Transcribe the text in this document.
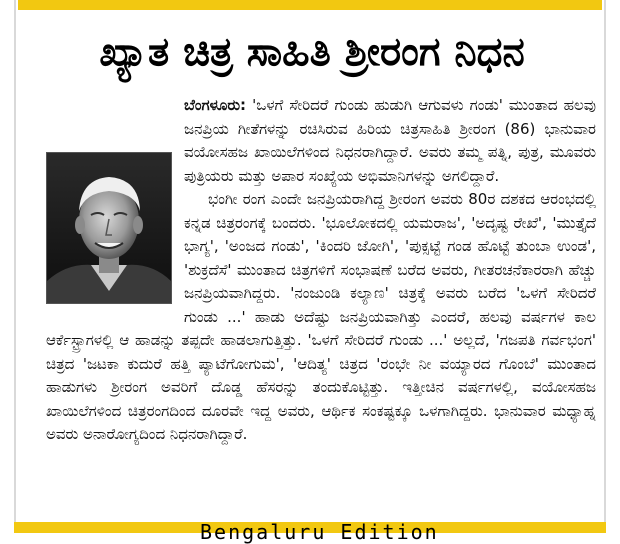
ಖ್ಯಾತ ಚಿತ್ರ ಸಾಹಿತಿ ಶ್ರೀರಂಗ ನಿಧನ

ಬೆಂಗಳೂರು: 'ಒಳಗೆ ಸೇರಿದರೆ ಗುಂಡು ಹುಡುಗಿ ಆಗುವಳು ಗಂಡು' ಮುಂತಾದ ಹಲವು ಜನಪ್ರಿಯ ಗೀತೆಗಳನ್ನು ರಚಿಸಿರುವ ಹಿರಿಯ ಚಿತ್ರಸಾಹಿತಿ ಶ್ರೀರಂಗ (86) ಭಾನುವಾರ ವಯೋಸಹಜ ಖಾಯಿಲೆಗಳಿಂದ ನಿಧನರಾಗಿದ್ದಾರೆ. ಅವರು ತಮ್ಮ ಪತ್ನಿ, ಪುತ್ರ, ಮೂವರು ಪುತ್ರಿಯರು ಮತ್ತು ಅಪಾರ ಸಂಖ್ಯೆಯ ಅಭಿಮಾನಿಗಳನ್ನು ಅಗಲಿದ್ದಾರೆ.

ಭಂಗೀ ರಂಗ ಎಂದೇ ಜನಪ್ರಿಯರಾಗಿದ್ದ ಶ್ರೀರಂಗ ಅವರು 80ರ ದಶಕದ ಆರಂಭದಲ್ಲಿ ಕನ್ನಡ ಚಿತ್ರರಂಗಕ್ಕೆ ಬಂದರು. 'ಭೂಲೋಕದಲ್ಲಿ ಯಮರಾಜ', 'ಅದೃಷ್ಟ ರೇಖೆ', 'ಮುತ್ತೈದೆ ಭಾಗ್ಯ', 'ಅಂಜದ ಗಂಡು', 'ಕಿಂದರಿ ಜೋಗಿ', 'ಪುಕ್ಸಟ್ಟೆ ಗಂಡ ಹೊಟ್ಟೆ ತುಂಬಾ ಉಂಡ', 'ಶುಕ್ರದೆಸೆ' ಮುಂತಾದ ಚಿತ್ರಗಳಿಗೆ ಸಂಭಾಷಣೆ ಬರೆದ ಅವರು, ಗೀತರಚನೆಕಾರರಾಗಿ ಹೆಚ್ಚು ಜನಪ್ರಿಯವಾಗಿದ್ದರು. 'ನಂಜುಂಡಿ ಕಲ್ಯಾಣ' ಚಿತ್ರಕ್ಕೆ ಅವರು ಬರೆದ 'ಒಳಗೆ ಸೇರಿದರೆ ಗುಂಡು ...' ಹಾಡು ಅದೆಷ್ಟು ಜನಪ್ರಿಯವಾಗಿತ್ತು ಎಂದರೆ, ಹಲವು ವರ್ಷಗಳ ಕಾಲ ಆರ್ಕೆಸ್ಟ್ರಾಗಳಲ್ಲಿ ಆ ಹಾಡನ್ನು ತಪ್ಪದೇ ಹಾಡಲಾಗುತ್ತಿತ್ತು. 'ಒಳಗೆ ಸೇರಿದರೆ ಗುಂಡು ...' ಅಲ್ಲದೆ, 'ಗಜಪತಿ ಗರ್ವಭಂಗ' ಚಿತ್ರದ 'ಜಟಕಾ ಕುದುರೆ ಹತ್ತಿ ಪ್ಯಾಟೆಗೋಗುಮ', 'ಆದಿತ್ಯ' ಚಿತ್ರದ 'ರಂಭೇ ನೀ ವಯ್ಯಾರದ ಗೊಂಬೆ' ಮುಂತಾದ ಹಾಡುಗಳು ಶ್ರೀರಂಗ ಅವರಿಗೆ ದೊಡ್ಡ ಹೆಸರನ್ನು ತಂದುಕೊಟ್ಟಿತ್ತು. ಇತ್ತೀಚಿನ ವರ್ಷಗಳಲ್ಲಿ, ವಯೋಸಹಜ ಖಾಯಿಲೆಗಳಿಂದ ಚಿತ್ರರಂಗದಿಂದ ದೂರವೇ ಇದ್ದ ಅವರು, ಆರ್ಥಿಕ ಸಂಕಷ್ಟಕ್ಕೂ ಒಳಗಾಗಿದ್ದರು. ಭಾನುವಾರ ಮಧ್ಯಾಹ್ನ ಅವರು ಅನಾರೋಗ್ಯದಿಂದ ನಿಧನರಾಗಿದ್ದಾರೆ.

Bengaluru Edition
